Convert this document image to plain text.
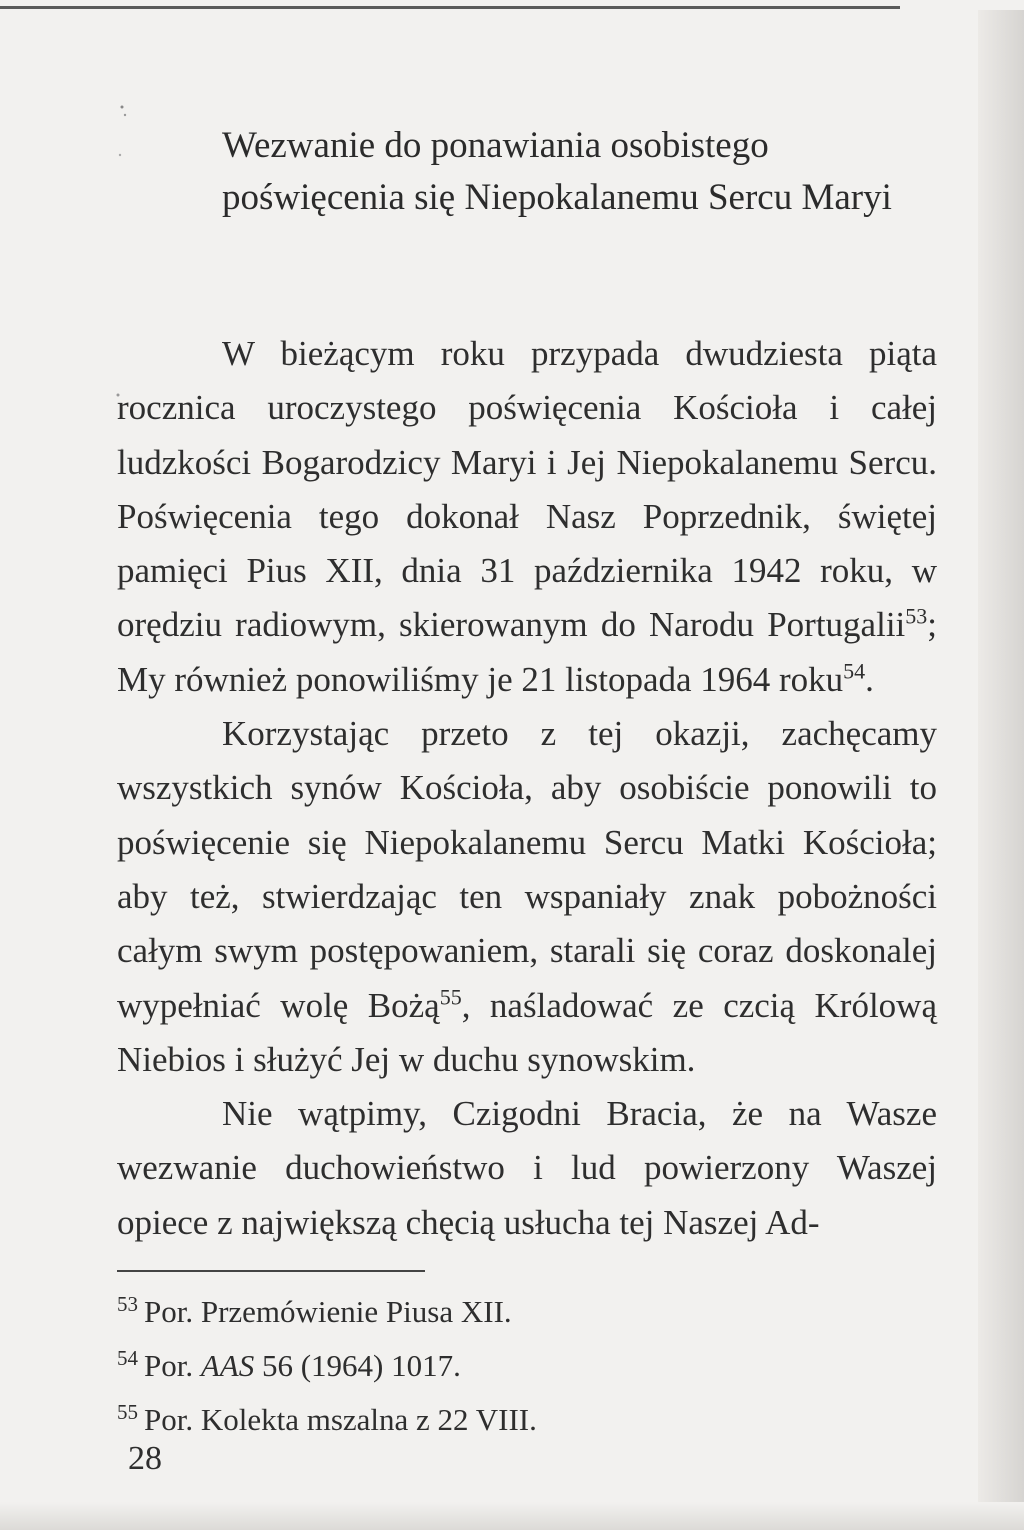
Wezwanie do ponawiania osobistego poświęcenia się Niepokalanemu Sercu Maryi

W bieżącym roku przypada dwudziesta piąta rocznica uroczystego poświęcenia Kościoła i całej ludzkości Bogarodzicy Maryi i Jej Niepokalanemu Sercu. Poświęcenia tego dokonał Nasz Poprzednik, świętej pamięci Pius XII, dnia 31 października 1942 roku, w orędziu radiowym, skierowanym do Narodu Portugalii$^{53}$; My również ponowiliśmy je 21 listopada 1964 roku$^{54}$.

Korzystając przeto z tej okazji, zachęcamy wszystkich synów Kościoła, aby osobiście ponowili to poświęcenie się Niepokalanemu Sercu Matki Kościoła; aby też, stwierdzając ten wspaniały znak pobożności całym swym postępowaniem, starali się coraz doskonalej wypełniać wolę Bożą$^{55}$, naśladować ze czcią Królową Niebios i służyć Jej w duchu synowskim.

Nie wątpimy, Czigodni Bracia, że na Wasze wezwanie duchowieństwo i lud powierzony Waszej opiece z największą chęcią usłucha tej Naszej Ad-

$^{53}$ Por. Przemówienie Piusa XII.
$^{54}$ Por. AAS 56 (1964) 1017.
$^{55}$ Por. Kolekta mszalna z 22 VIII.
28
